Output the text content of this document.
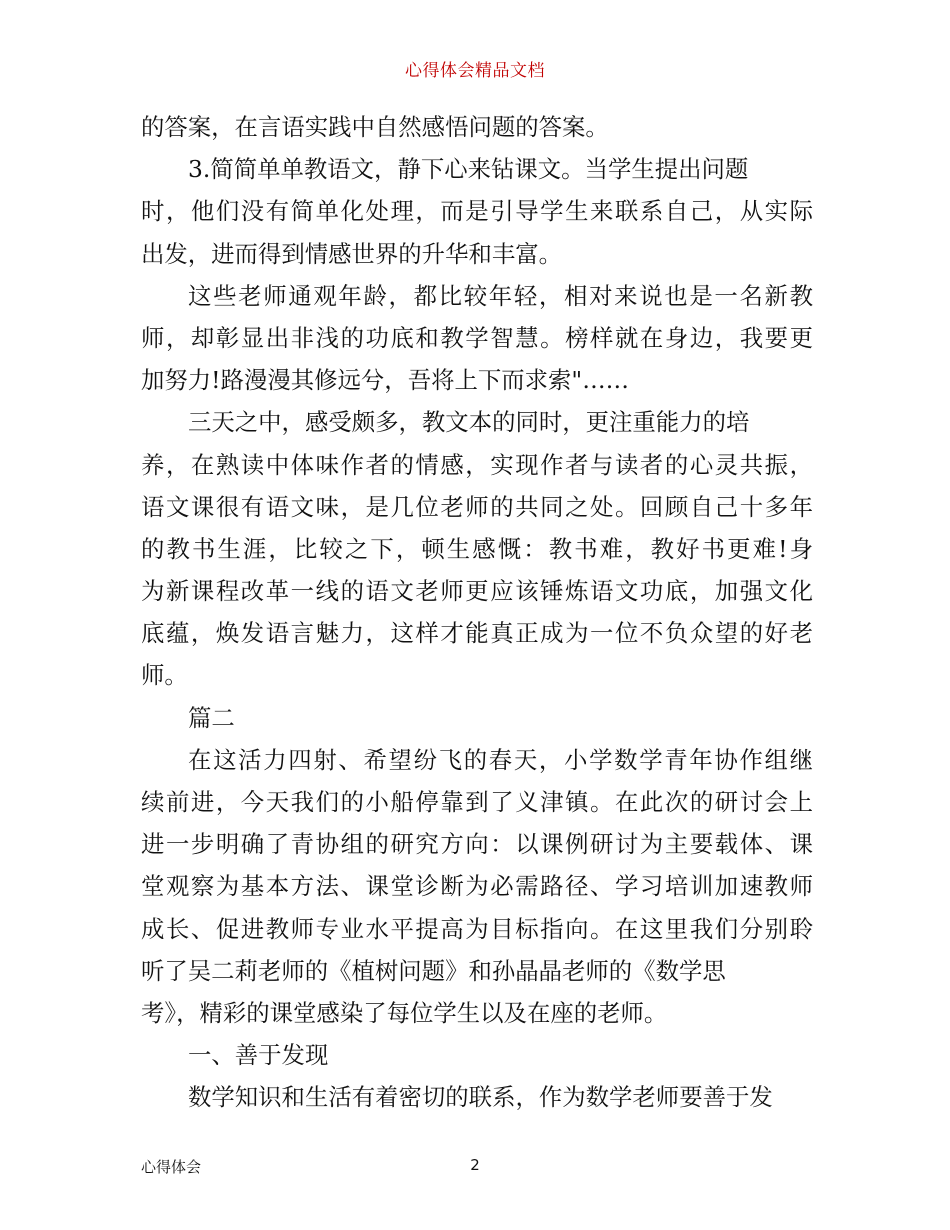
心得体会精品文档
的答案，在言语实践中自然感悟问题的答案。
3.简简单单教语文，静下心来钻课文。当学生提出问题
时，他们没有简单化处理，而是引导学生来联系自己，从实际
出发，进而得到情感世界的升华和丰富。
这些老师通观年龄，都比较年轻，相对来说也是一名新教
师，却彰显出非浅的功底和教学智慧。榜样就在身边，我要更
加努力!路漫漫其修远兮，吾将上下而求索"……
三天之中，感受颇多，教文本的同时，更注重能力的培
养，在熟读中体味作者的情感，实现作者与读者的心灵共振，
语文课很有语文味，是几位老师的共同之处。回顾自己十多年
的教书生涯，比较之下，顿生感慨：教书难，教好书更难!身
为新课程改革一线的语文老师更应该锤炼语文功底，加强文化
底蕴，焕发语言魅力，这样才能真正成为一位不负众望的好老
师。
篇二
在这活力四射、希望纷飞的春天，小学数学青年协作组继
续前进，今天我们的小船停靠到了义津镇。在此次的研讨会上
进一步明确了青协组的研究方向：以课例研讨为主要载体、课
堂观察为基本方法、课堂诊断为必需路径、学习培训加速教师
成长、促进教师专业水平提高为目标指向。在这里我们分别聆
听了吴二莉老师的《植树问题》和孙晶晶老师的《数学思
考》，精彩的课堂感染了每位学生以及在座的老师。
一、善于发现
数学知识和生活有着密切的联系，作为数学老师要善于发
心得体会	2
